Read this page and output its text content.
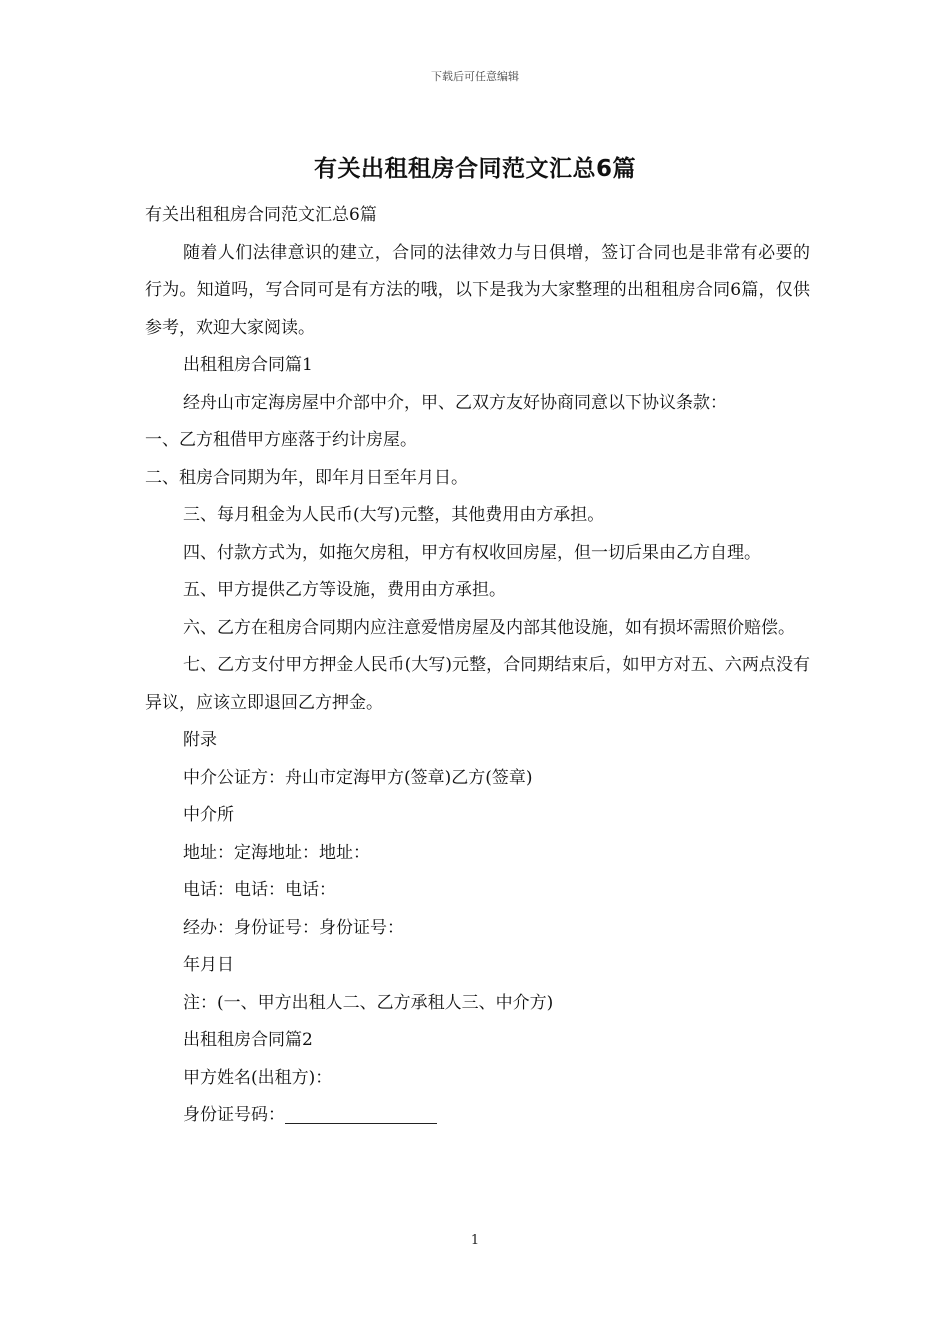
下载后可任意编辑
有关出租租房合同范文汇总6篇

有关出租租房合同范文汇总6篇

随着人们法律意识的建立，合同的法律效力与日俱增，签订合同也是非常有必要的行为。知道吗，写合同可是有方法的哦，以下是我为大家整理的出租租房合同6篇，仅供参考，欢迎大家阅读。

出租租房合同篇1

经舟山市定海房屋中介部中介，甲、乙双方友好协商同意以下协议条款：

一、乙方租借甲方座落于约计房屋。

二、租房合同期为年，即年月日至年月日。

三、每月租金为人民币(大写)元整，其他费用由方承担。

四、付款方式为，如拖欠房租，甲方有权收回房屋，但一切后果由乙方自理。

五、甲方提供乙方等设施，费用由方承担。

六、乙方在租房合同期内应注意爱惜房屋及内部其他设施，如有损坏需照价赔偿。

七、乙方支付甲方押金人民币(大写)元整，合同期结束后，如甲方对五、六两点没有异议，应该立即退回乙方押金。

附录

中介公证方：舟山市定海甲方(签章)乙方(签章)

中介所

地址：定海地址：地址：

电话：电话：电话：

经办：身份证号：身份证号：

年月日

注：(一、甲方出租人二、乙方承租人三、中介方)

出租租房合同篇2

甲方姓名(出租方)：

身份证号码：

1
